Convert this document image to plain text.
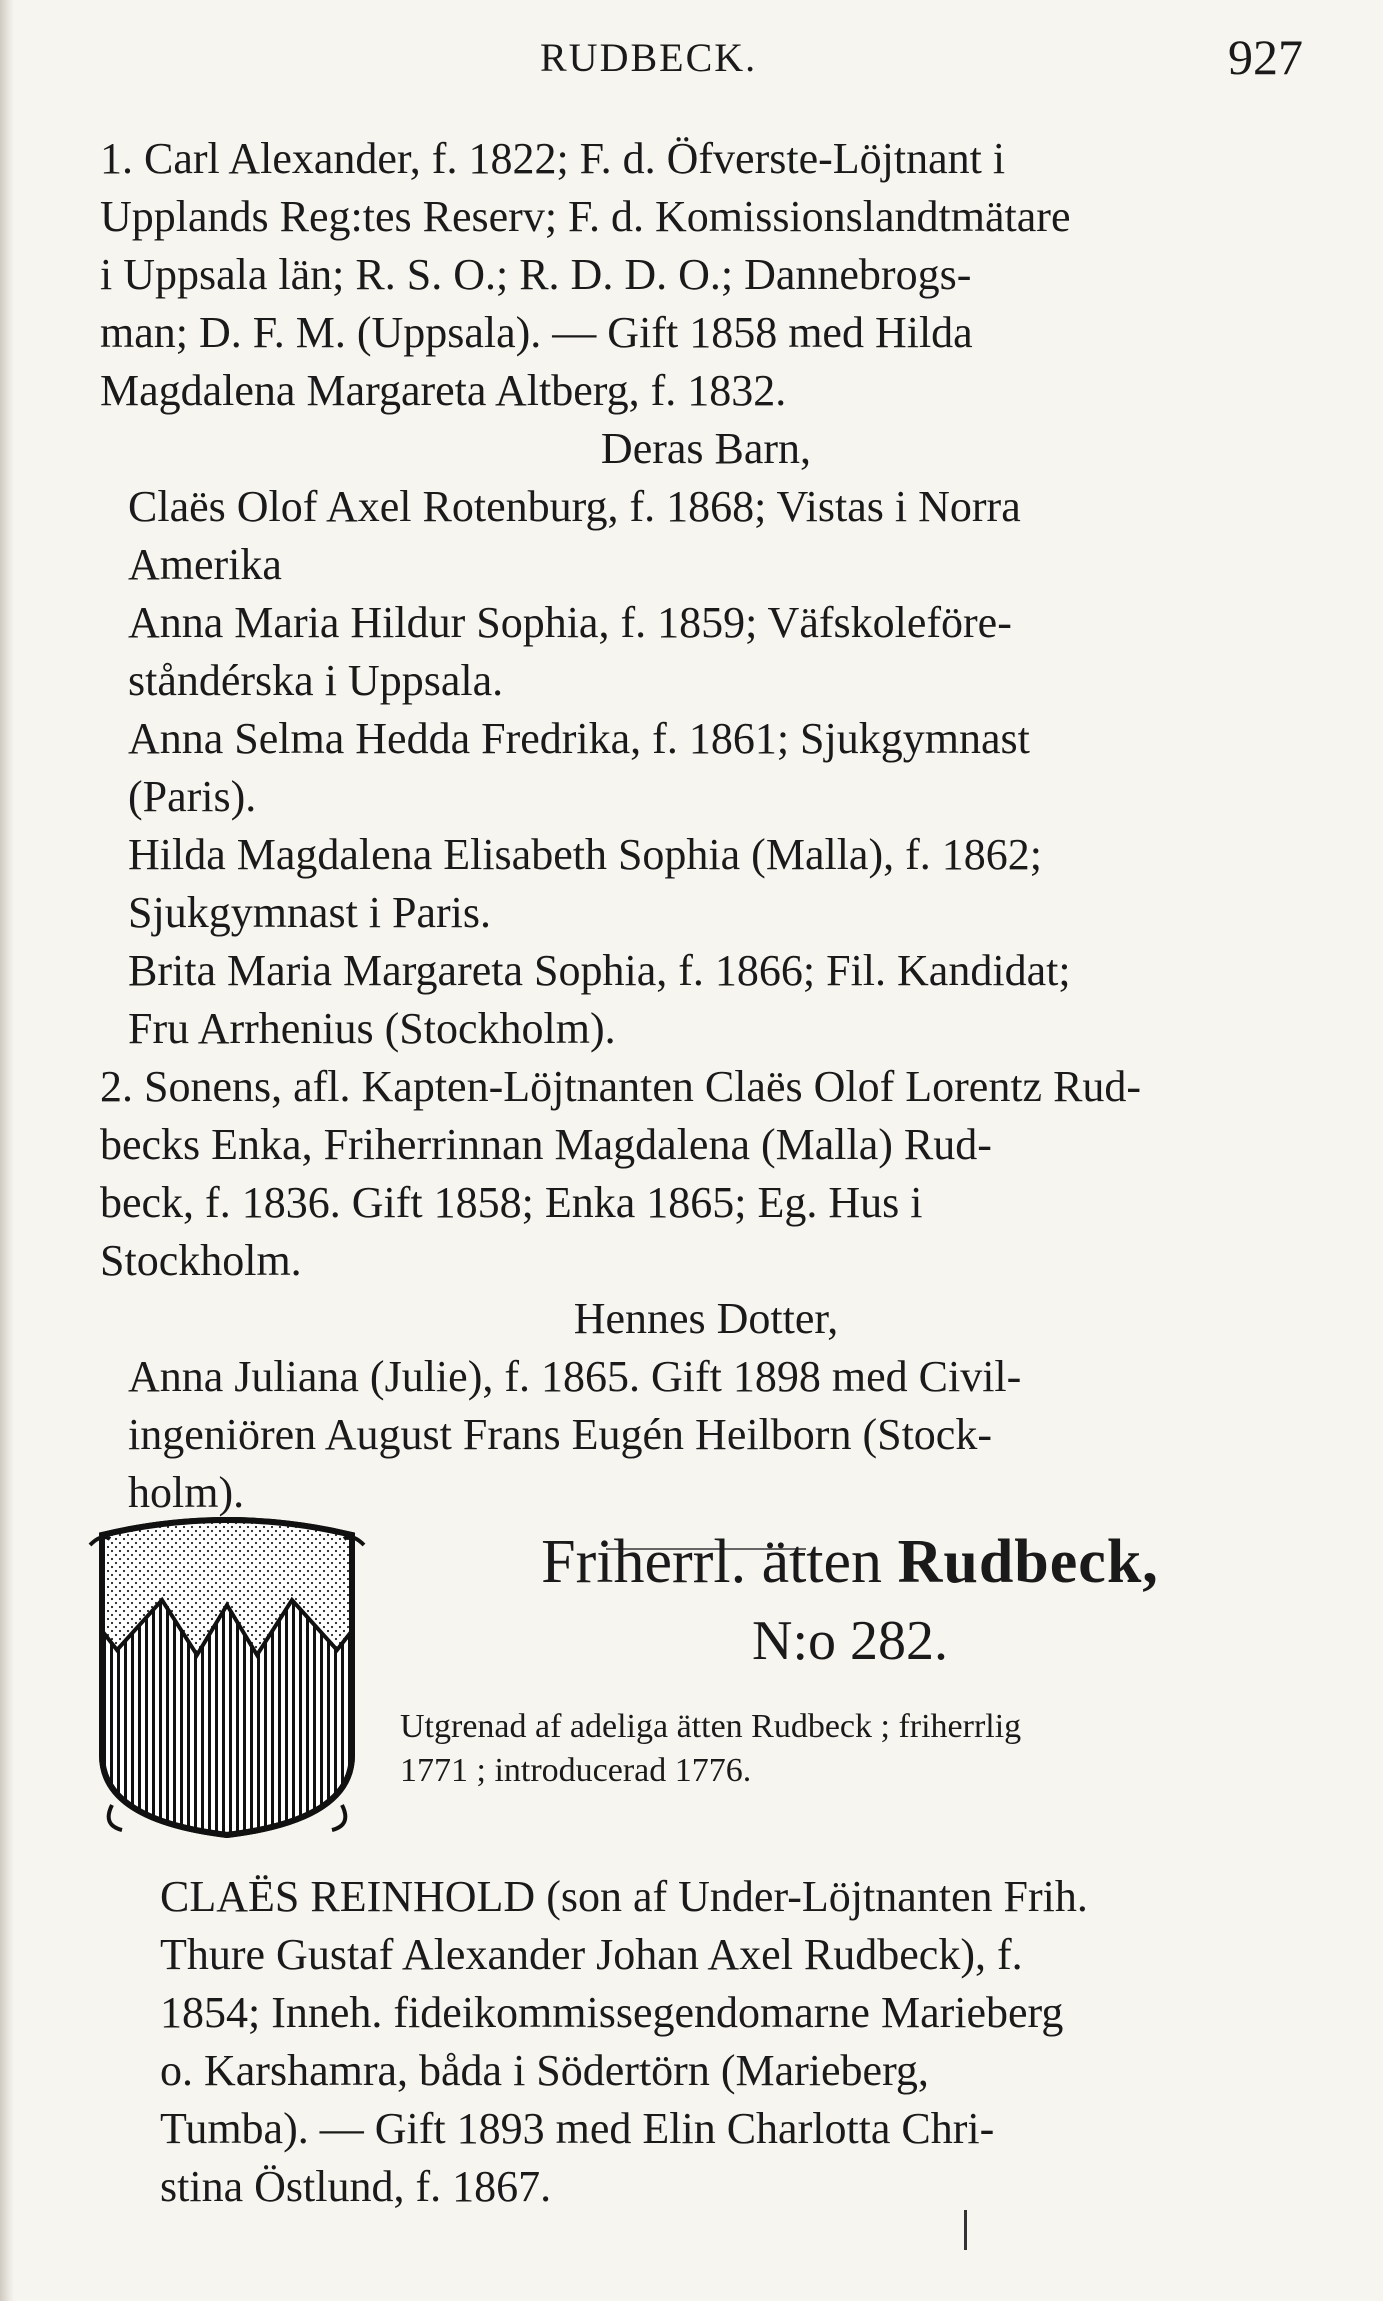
RUDBECK.	927
1. Carl Alexander, f. 1822; F. d. Öfverste-Löjtnant i
Upplands Reg:tes Reserv; F. d. Komissionslandtmätare
i Uppsala län; R. S. O.; R. D. D. O.; Dannebrogs-
man; D. F. M. (Uppsala). — Gift 1858 med Hilda
Magdalena Margareta Altberg, f. 1832.
Deras Barn,
Claës Olof Axel Rotenburg, f. 1868; Vistas i Norra
Amerika
Anna Maria Hildur Sophia, f. 1859; Väfskoleföre-
ståndérska i Uppsala.
Anna Selma Hedda Fredrika, f. 1861; Sjukgymnast
(Paris).
Hilda Magdalena Elisabeth Sophia (Malla), f. 1862;
Sjukgymnast i Paris.
Brita Maria Margareta Sophia, f. 1866; Fil. Kandidat;
Fru Arrhenius (Stockholm).
2. Sonens, afl. Kapten-Löjtnanten Claës Olof Lorentz Rud-
becks Enka, Friherrinnan Magdalena (Malla) Rud-
beck, f. 1836. Gift 1858; Enka 1865; Eg. Hus i
Stockholm.
Hennes Dotter,
Anna Juliana (Julie), f. 1865. Gift 1898 med Civil-
ingeniören August Frans Eugén Heilborn (Stock-
holm).
Friherrl. ätten Rudbeck,
N:o 282.
Utgrenad af adeliga ätten Rudbeck ; friherrlig
1771 ; introducerad 1776.
CLAËS REINHOLD (son af Under-Löjtnanten Frih.
Thure Gustaf Alexander Johan Axel Rudbeck), f.
1854; Inneh. fideikommissegendomarne Marieberg
o. Karshamra, båda i Södertörn (Marieberg,
Tumba). — Gift 1893 med Elin Charlotta Chri-
stina Östlund, f. 1867.
